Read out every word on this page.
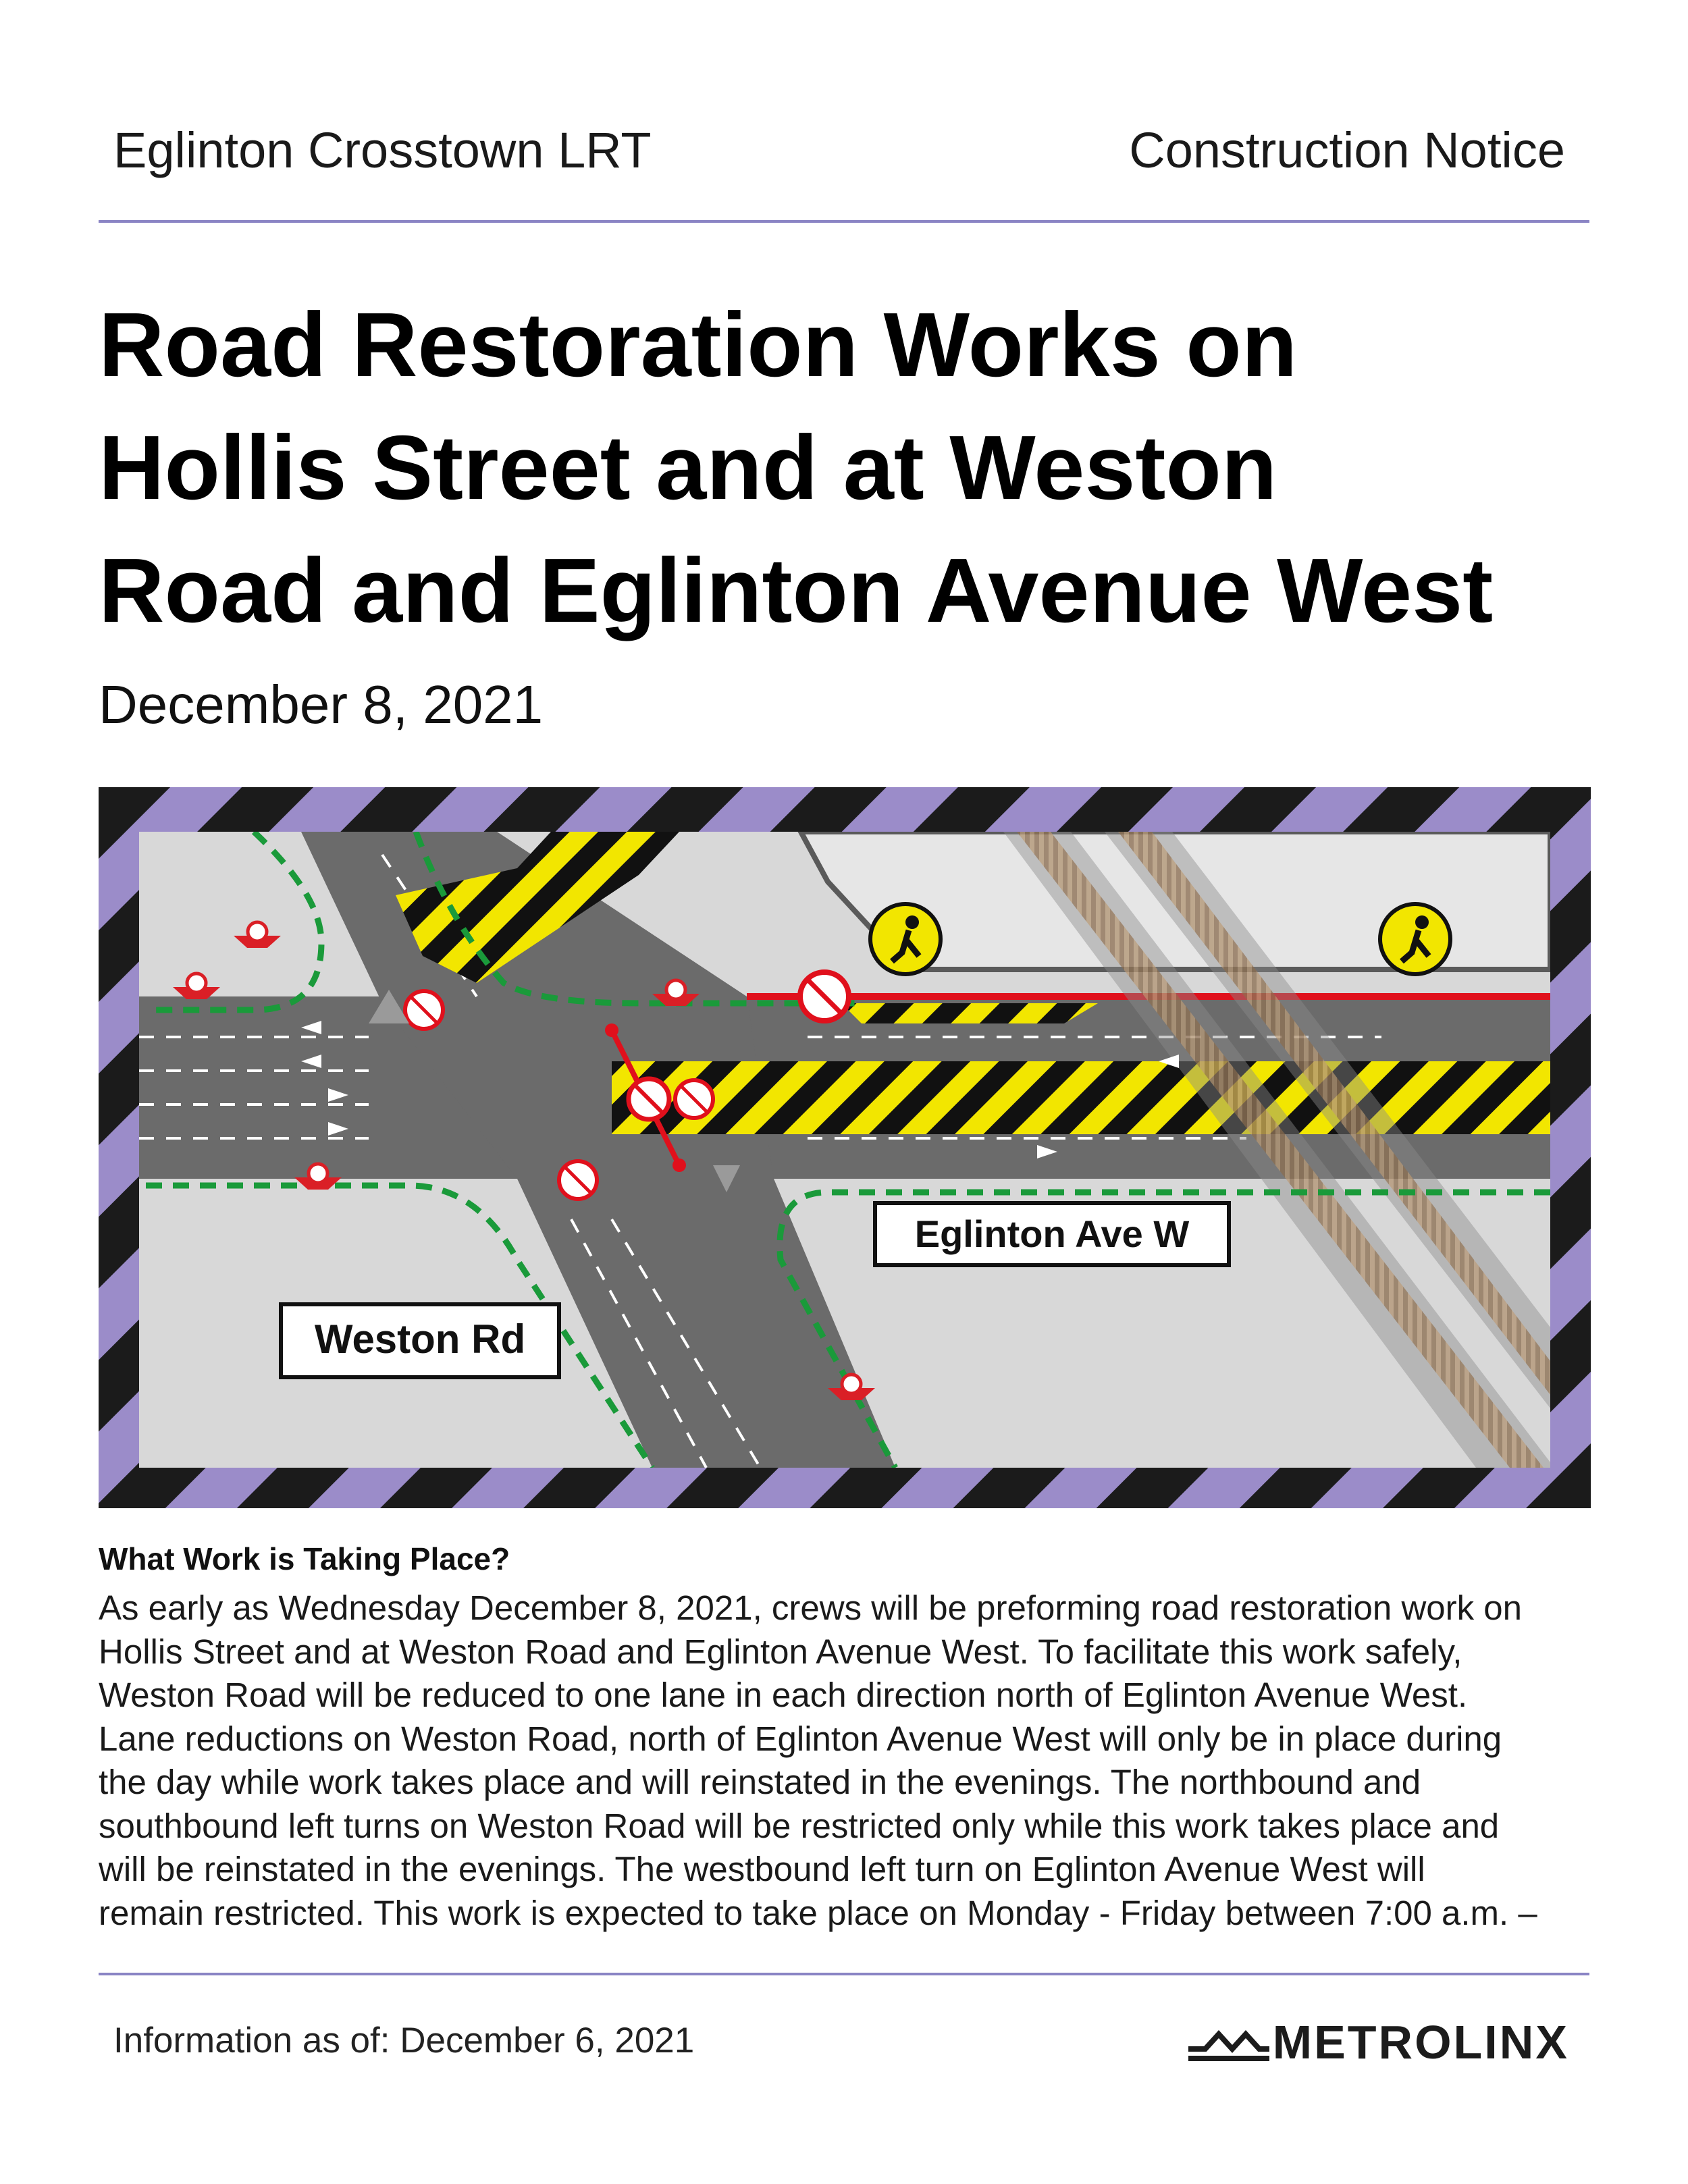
Eglinton Crosstown LRT	Construction Notice
Road Restoration Works on
Hollis Street and at Weston
Road and Eglinton Avenue West
December 8, 2021
Eglinton Ave W
Weston Rd
What Work is Taking Place?
As early as Wednesday December 8, 2021, crews will be preforming road restoration work on
Hollis Street and at Weston Road and Eglinton Avenue West. To facilitate this work safely,
Weston Road will be reduced to one lane in each direction north of Eglinton Avenue West.
Lane reductions on Weston Road, north of Eglinton Avenue West will only be in place during
the day while work takes place and will reinstated in the evenings. The northbound and
southbound left turns on Weston Road will be restricted only while this work takes place and
will be reinstated in the evenings. The westbound left turn on Eglinton Avenue West will
remain restricted. This work is expected to take place on Monday - Friday between 7:00 a.m. –
Information as of: December 6, 2021	METROLINX
